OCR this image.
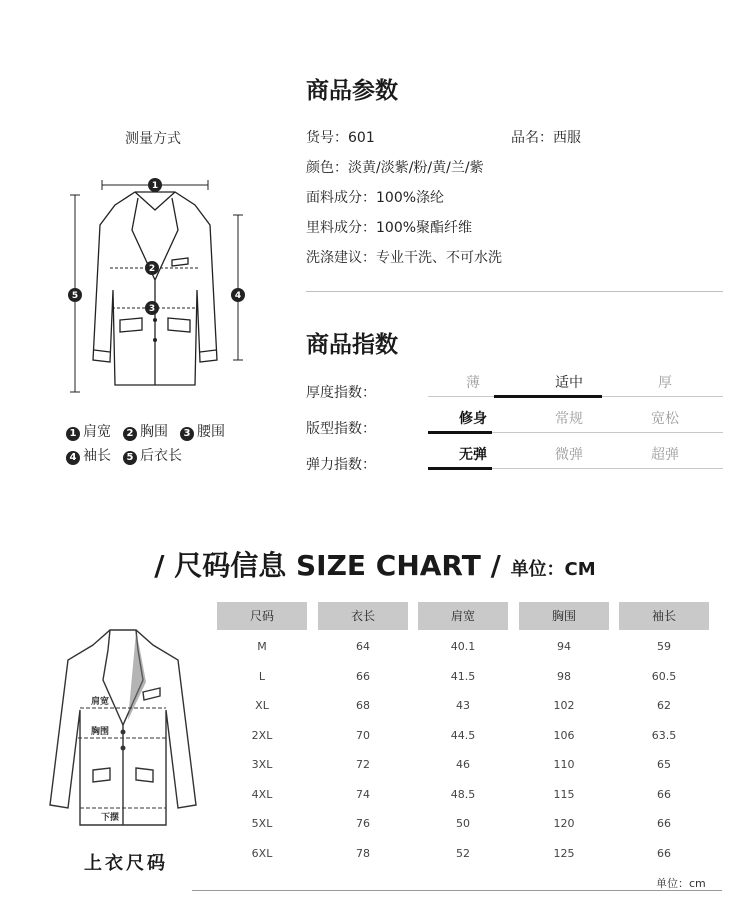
测量方式
1
2
3
4
5
1 肩宽 2 胸围 3 腰围
4 袖长 5 后衣长
商品参数
货号：601	品名：西服
颜色：淡黄/淡紫/粉/黄/兰/紫
面料成分：100%涤纶
里料成分：100%聚酯纤维
洗涤建议：专业干洗、不可水洗
商品指数
厚度指数：
薄	适中	厚
版型指数：
修身	常规	宽松
弹力指数：
无弹	微弹	超弹
/ 尺码信息 SIZE CHART / 单位：CM
肩宽
胸围
下摆
上衣尺码
尺码	衣长	肩宽	胸围	袖长
M	64	40.1	94	59
L	66	41.5	98	60.5
XL	68	43	102	62
2XL	70	44.5	106	63.5
3XL	72	46	110	65
4XL	74	48.5	115	66
5XL	76	50	120	66
6XL	78	52	125	66
单位：cm
